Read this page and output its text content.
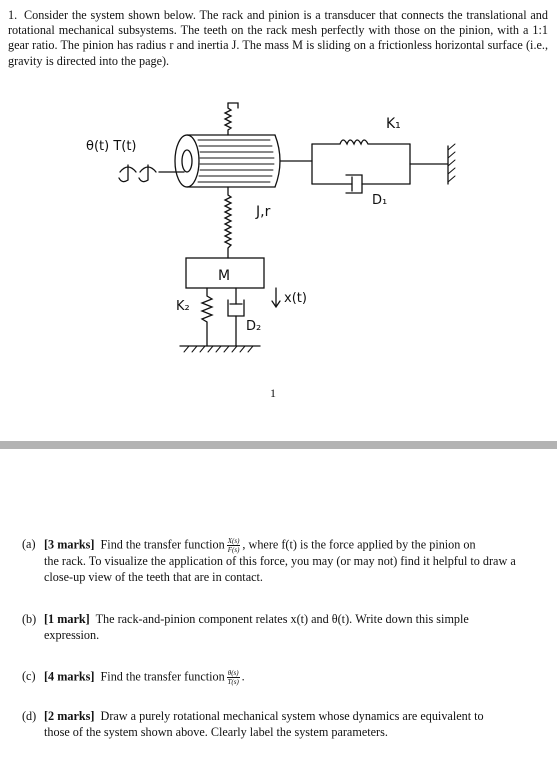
1. Consider the system shown below. The rack and pinion is a transducer that connects the translational and rotational mechanical subsystems. The teeth on the rack mesh perfectly with those on the pinion, with a 1:1 gear ratio. The pinion has radius r and inertia J. The mass M is sliding on a frictionless horizontal surface (i.e., gravity is directed into the page).
θ(t) T(t)
K₁
D₁
J,r
M
K₂
D₂
x(t)
1
(a) [3 marks] Find the transfer function $\frac{X(s)}{F(s)}$ , where f(t) is the force applied by the pinion on
the rack. To visualize the application of this force, you may (or may not) find it helpful to draw a close-up view of the teeth that are in contact.
(b) [1 mark] The rack-and-pinion component relates x(t) and θ(t). Write down this simple
expression.
(c) [4 marks] Find the transfer function $\frac{\theta(s)}{T(s)}$ .
(d) [2 marks] Draw a purely rotational mechanical system whose dynamics are equivalent to
those of the system shown above. Clearly label the system parameters.
